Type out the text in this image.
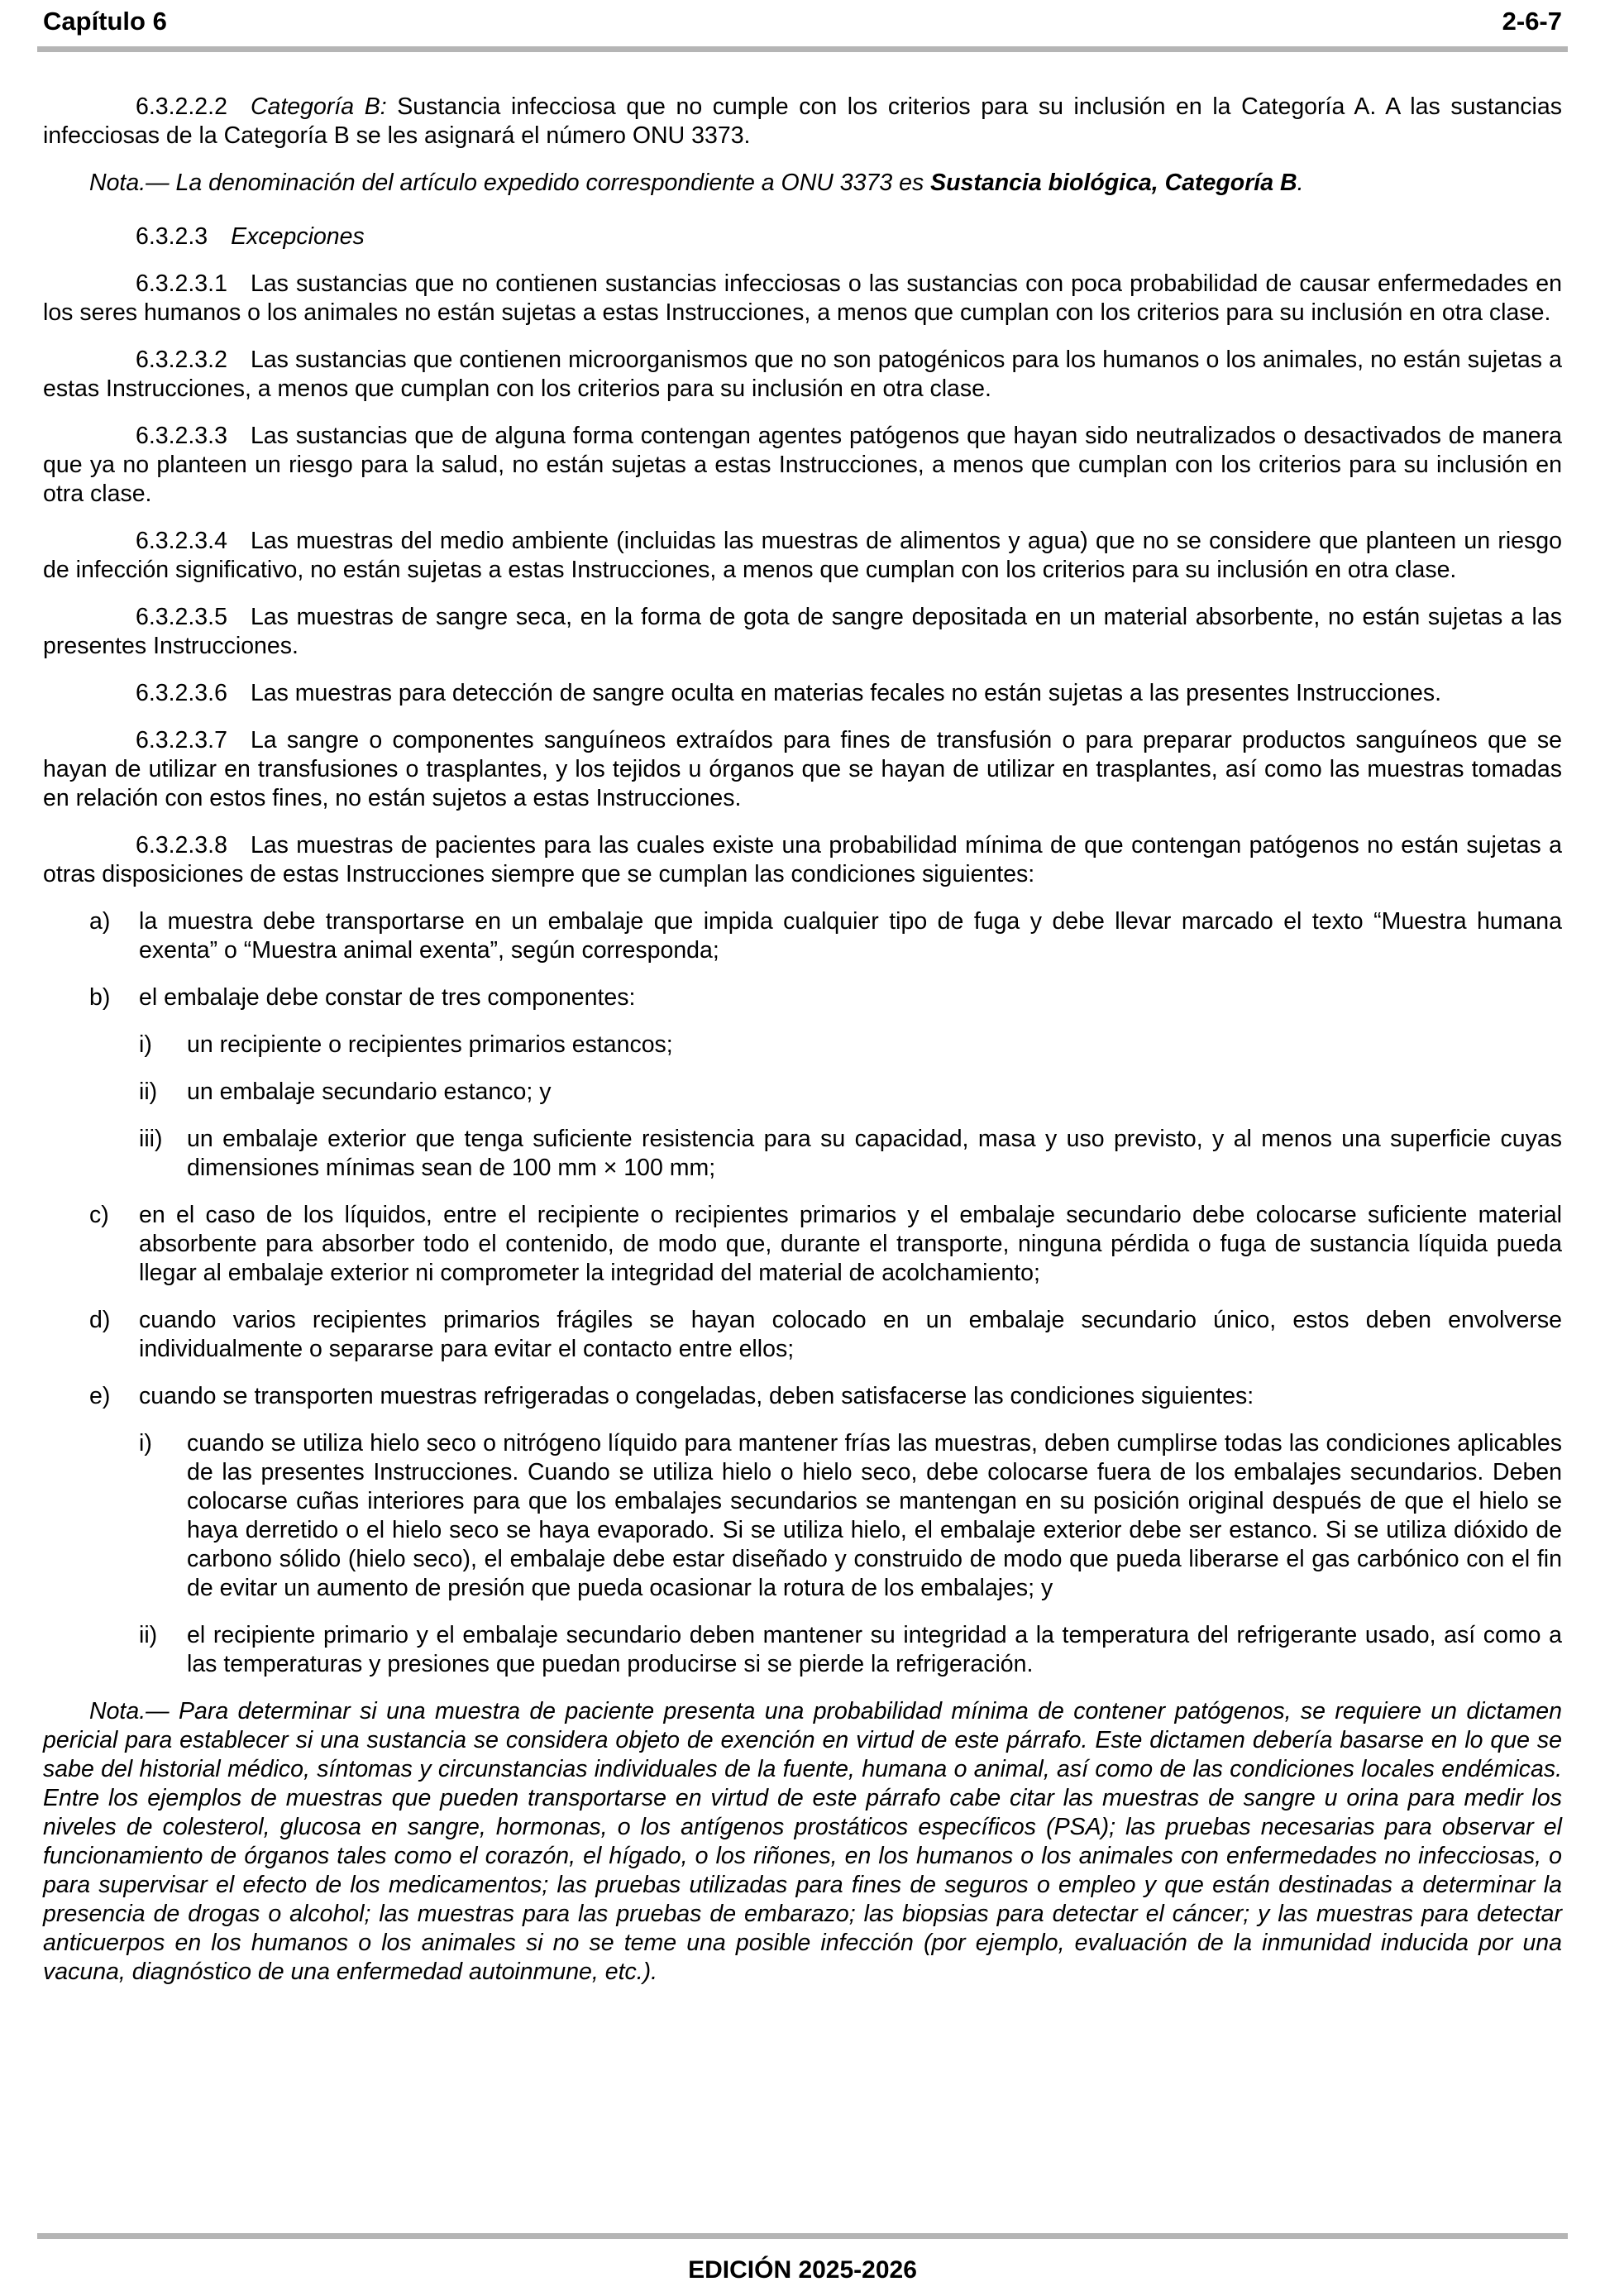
Capítulo 6	2-6-7

6.3.2.2.2 Categoría B: Sustancia infecciosa que no cumple con los criterios para su inclusión en la Categoría A. A las sustancias infecciosas de la Categoría B se les asignará el número ONU 3373.

Nota.— La denominación del artículo expedido correspondiente a ONU 3373 es Sustancia biológica, Categoría B.

6.3.2.3 Excepciones

6.3.2.3.1 Las sustancias que no contienen sustancias infecciosas o las sustancias con poca probabilidad de causar enfermedades en los seres humanos o los animales no están sujetas a estas Instrucciones, a menos que cumplan con los criterios para su inclusión en otra clase.

6.3.2.3.2 Las sustancias que contienen microorganismos que no son patogénicos para los humanos o los animales, no están sujetas a estas Instrucciones, a menos que cumplan con los criterios para su inclusión en otra clase.

6.3.2.3.3 Las sustancias que de alguna forma contengan agentes patógenos que hayan sido neutralizados o desactivados de manera que ya no planteen un riesgo para la salud, no están sujetas a estas Instrucciones, a menos que cumplan con los criterios para su inclusión en otra clase.

6.3.2.3.4 Las muestras del medio ambiente (incluidas las muestras de alimentos y agua) que no se considere que planteen un riesgo de infección significativo, no están sujetas a estas Instrucciones, a menos que cumplan con los criterios para su inclusión en otra clase.

6.3.2.3.5 Las muestras de sangre seca, en la forma de gota de sangre depositada en un material absorbente, no están sujetas a las presentes Instrucciones.

6.3.2.3.6 Las muestras para detección de sangre oculta en materias fecales no están sujetas a las presentes Instrucciones.

6.3.2.3.7 La sangre o componentes sanguíneos extraídos para fines de transfusión o para preparar productos sanguíneos que se hayan de utilizar en transfusiones o trasplantes, y los tejidos u órganos que se hayan de utilizar en trasplantes, así como las muestras tomadas en relación con estos fines, no están sujetos a estas Instrucciones.

6.3.2.3.8 Las muestras de pacientes para las cuales existe una probabilidad mínima de que contengan patógenos no están sujetas a otras disposiciones de estas Instrucciones siempre que se cumplan las condiciones siguientes:

a) la muestra debe transportarse en un embalaje que impida cualquier tipo de fuga y debe llevar marcado el texto “Muestra humana exenta” o “Muestra animal exenta”, según corresponda;
b) el embalaje debe constar de tres componentes:
i) un recipiente o recipientes primarios estancos;
ii) un embalaje secundario estanco; y
iii) un embalaje exterior que tenga suficiente resistencia para su capacidad, masa y uso previsto, y al menos una superficie cuyas dimensiones mínimas sean de 100 mm × 100 mm;
c) en el caso de los líquidos, entre el recipiente o recipientes primarios y el embalaje secundario debe colocarse suficiente material absorbente para absorber todo el contenido, de modo que, durante el transporte, ninguna pérdida o fuga de sustancia líquida pueda llegar al embalaje exterior ni comprometer la integridad del material de acolchamiento;
d) cuando varios recipientes primarios frágiles se hayan colocado en un embalaje secundario único, estos deben envolverse individualmente o separarse para evitar el contacto entre ellos;
e) cuando se transporten muestras refrigeradas o congeladas, deben satisfacerse las condiciones siguientes:
i) cuando se utiliza hielo seco o nitrógeno líquido para mantener frías las muestras, deben cumplirse todas las condiciones aplicables de las presentes Instrucciones. Cuando se utiliza hielo o hielo seco, debe colocarse fuera de los embalajes secundarios. Deben colocarse cuñas interiores para que los embalajes secundarios se mantengan en su posición original después de que el hielo se haya derretido o el hielo seco se haya evaporado. Si se utiliza hielo, el embalaje exterior debe ser estanco. Si se utiliza dióxido de carbono sólido (hielo seco), el embalaje debe estar diseñado y construido de modo que pueda liberarse el gas carbónico con el fin de evitar un aumento de presión que pueda ocasionar la rotura de los embalajes; y
ii) el recipiente primario y el embalaje secundario deben mantener su integridad a la temperatura del refrigerante usado, así como a las temperaturas y presiones que puedan producirse si se pierde la refrigeración.

Nota.— Para determinar si una muestra de paciente presenta una probabilidad mínima de contener patógenos, se requiere un dictamen pericial para establecer si una sustancia se considera objeto de exención en virtud de este párrafo. Este dictamen debería basarse en lo que se sabe del historial médico, síntomas y circunstancias individuales de la fuente, humana o animal, así como de las condiciones locales endémicas. Entre los ejemplos de muestras que pueden transportarse en virtud de este párrafo cabe citar las muestras de sangre u orina para medir los niveles de colesterol, glucosa en sangre, hormonas, o los antígenos prostáticos específicos (PSA); las pruebas necesarias para observar el funcionamiento de órganos tales como el corazón, el hígado, o los riñones, en los humanos o los animales con enfermedades no infecciosas, o para supervisar el efecto de los medicamentos; las pruebas utilizadas para fines de seguros o empleo y que están destinadas a determinar la presencia de drogas o alcohol; las muestras para las pruebas de embarazo; las biopsias para detectar el cáncer; y las muestras para detectar anticuerpos en los humanos o los animales si no se teme una posible infección (por ejemplo, evaluación de la inmunidad inducida por una vacuna, diagnóstico de una enfermedad autoinmune, etc.).

EDICIÓN 2025-2026
